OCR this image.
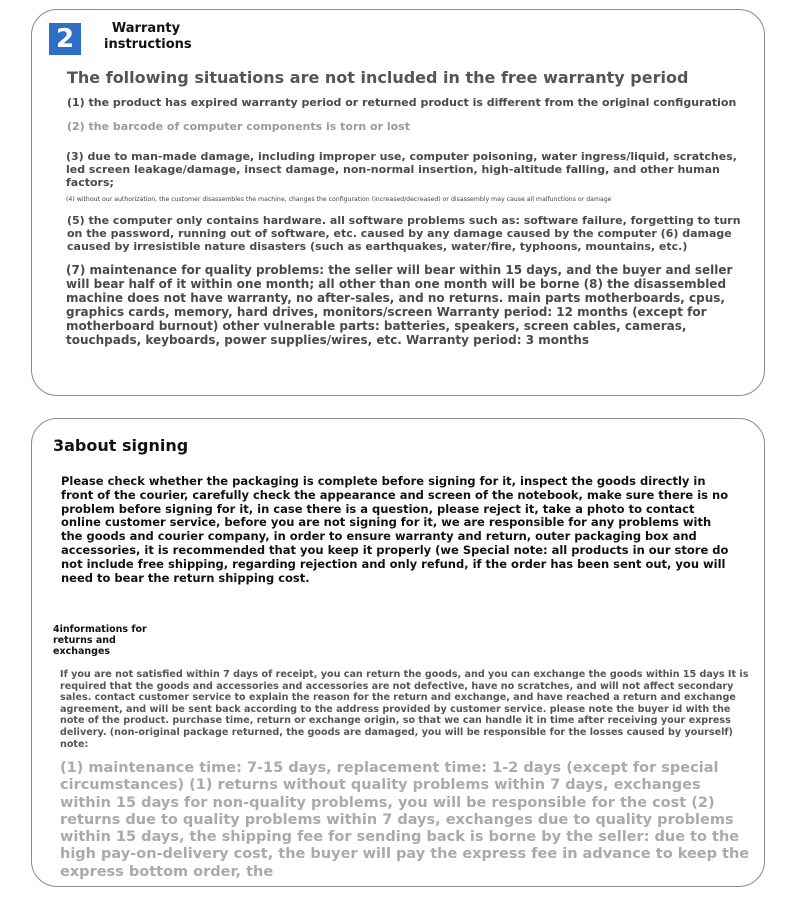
2	Warranty instructions
The following situations are not included in the free warranty period
(1) the product has expired warranty period or returned product is different from the original configuration
(2) the barcode of computer components is torn or lost
(3) due to man-made damage, including improper use, computer poisoning, water ingress/liquid, scratches, led screen leakage/damage, insect damage, non-normal insertion, high-altitude falling, and other human factors;
(4) without our authorization, the customer disassembles the machine, changes the configuration (increased/decreased) or disassembly may cause all malfunctions or damage
(5) the computer only contains hardware. all software problems such as: software failure, forgetting to turn on the password, running out of software, etc. caused by any damage caused by the computer (6) damage caused by irresistible nature disasters (such as earthquakes, water/fire, typhoons, mountains, etc.)
(7) maintenance for quality problems: the seller will bear within 15 days, and the buyer and seller will bear half of it within one month; all other than one month will be borne (8) the disassembled machine does not have warranty, no after-sales, and no returns. main parts motherboards, cpus, graphics cards, memory, hard drives, monitors/screen Warranty period: 12 months (except for motherboard burnout) other vulnerable parts: batteries, speakers, screen cables, cameras, touchpads, keyboards, power supplies/wires, etc. Warranty period: 3 months
3about signing
Please check whether the packaging is complete before signing for it, inspect the goods directly in front of the courier, carefully check the appearance and screen of the notebook, make sure there is no problem before signing for it, in case there is a question, please reject it, take a photo to contact online customer service, before you are not signing for it, we are responsible for any problems with the goods and courier company, in order to ensure warranty and return, outer packaging box and accessories, it is recommended that you keep it properly (we Special note: all products in our store do not include free shipping, regarding rejection and only refund, if the order has been sent out, you will need to bear the return shipping cost.
4informations for returns and exchanges
If you are not satisfied within 7 days of receipt, you can return the goods, and you can exchange the goods within 15 days It is required that the goods and accessories and accessories are not defective, have no scratches, and will not affect secondary sales. contact customer service to explain the reason for the return and exchange, and have reached a return and exchange agreement, and will be sent back according to the address provided by customer service. please note the buyer id with the note of the product. purchase time, return or exchange origin, so that we can handle it in time after receiving your express delivery. (non-original package returned, the goods are damaged, you will be responsible for the losses caused by yourself) note:
(1) maintenance time: 7-15 days, replacement time: 1-2 days (except for special circumstances) (1) returns without quality problems within 7 days, exchanges within 15 days for non-quality problems, you will be responsible for the cost (2) returns due to quality problems within 7 days, exchanges due to quality problems within 15 days, the shipping fee for sending back is borne by the seller: due to the high pay-on-delivery cost, the buyer will pay the express fee in advance to keep the express bottom order, the
